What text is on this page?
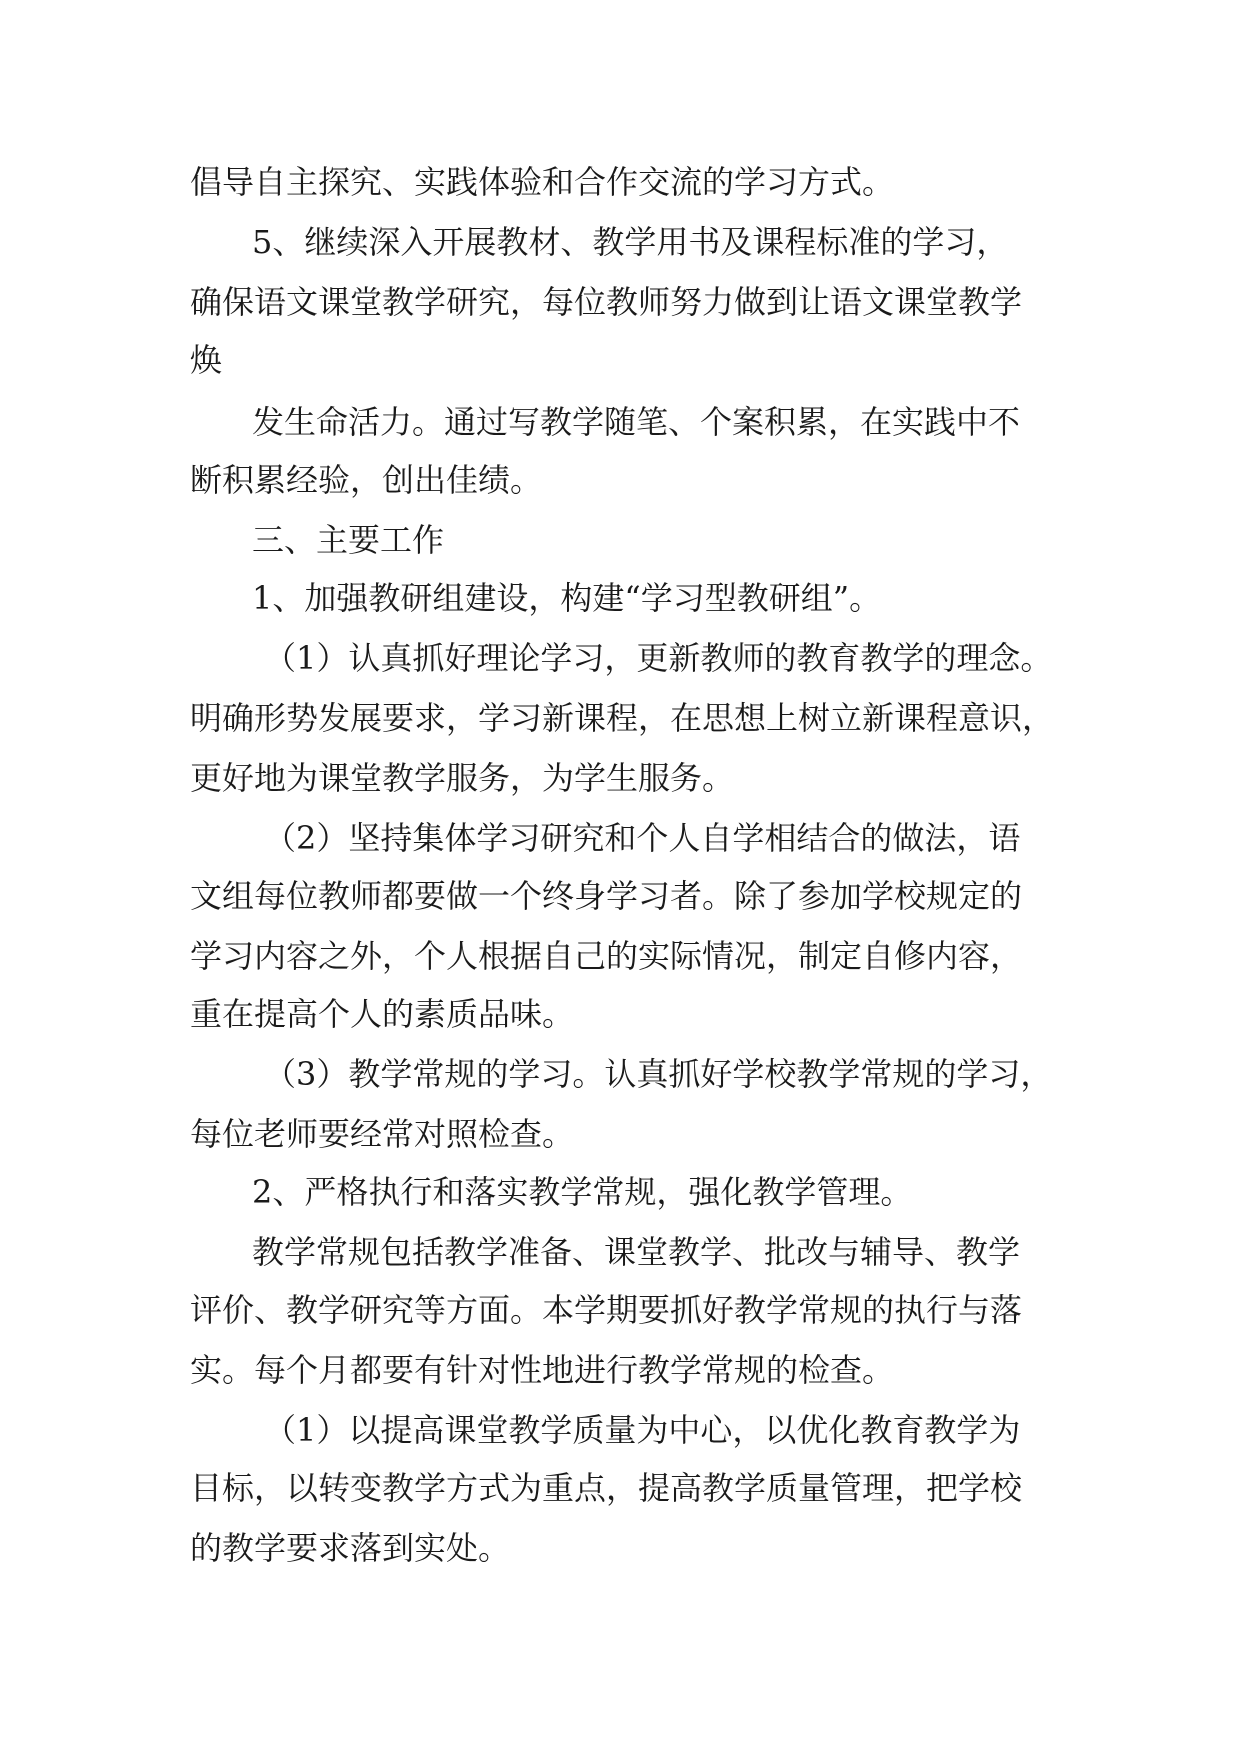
倡导自主探究、实践体验和合作交流的学习方式。
5、继续深入开展教材、教学用书及课程标准的学习，
确保语文课堂教学研究，每位教师努力做到让语文课堂教学
焕
发生命活力。通过写教学随笔、个案积累，在实践中不
断积累经验，创出佳绩。
三、主要工作
1、加强教研组建设，构建“学习型教研组”。
（1）认真抓好理论学习，更新教师的教育教学的理念。
明确形势发展要求，学习新课程，在思想上树立新课程意识，
更好地为课堂教学服务，为学生服务。
（2）坚持集体学习研究和个人自学相结合的做法，语
文组每位教师都要做一个终身学习者。除了参加学校规定的
学习内容之外，个人根据自己的实际情况，制定自修内容，
重在提高个人的素质品味。
（3）教学常规的学习。认真抓好学校教学常规的学习，
每位老师要经常对照检查。
2、严格执行和落实教学常规，强化教学管理。
教学常规包括教学准备、课堂教学、批改与辅导、教学
评价、教学研究等方面。本学期要抓好教学常规的执行与落
实。每个月都要有针对性地进行教学常规的检查。
（1）以提高课堂教学质量为中心，以优化教育教学为
目标，以转变教学方式为重点，提高教学质量管理，把学校
的教学要求落到实处。
